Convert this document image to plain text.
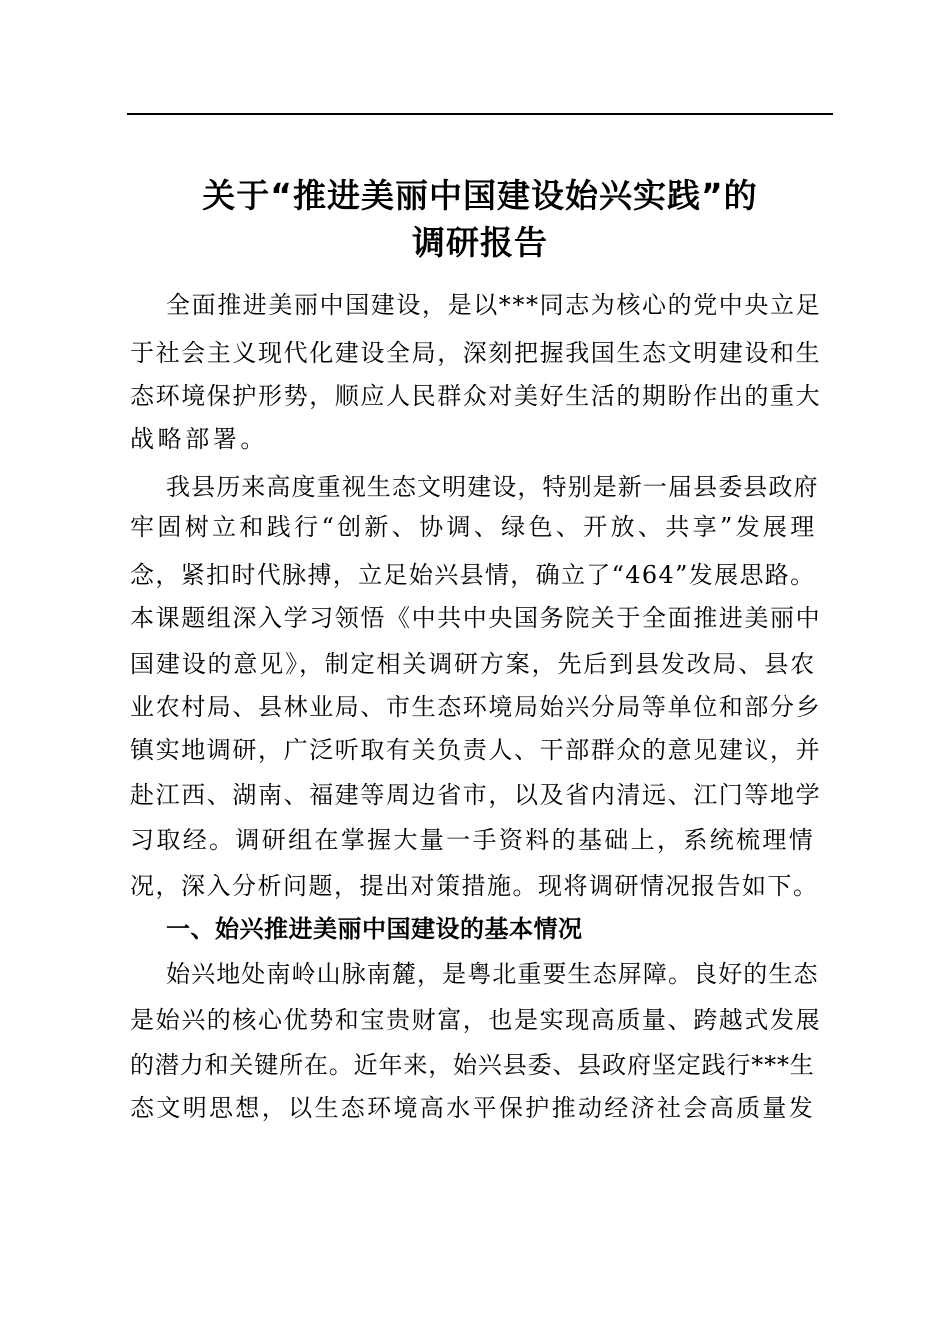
关于“推进美丽中国建设始兴实践”的
调研报告
全面推进美丽中国建设，是以***同志为核心的党中央立足
于社会主义现代化建设全局，深刻把握我国生态文明建设和生
态环境保护形势，顺应人民群众对美好生活的期盼作出的重大
战略部署。
我县历来高度重视生态文明建设，特别是新一届县委县政府
牢固树立和践行“创新、协调、绿色、开放、共享”发展理
念，紧扣时代脉搏，立足始兴县情，确立了“464”发展思路。
本课题组深入学习领悟《中共中央国务院关于全面推进美丽中
国建设的意见》，制定相关调研方案，先后到县发改局、县农
业农村局、县林业局、市生态环境局始兴分局等单位和部分乡
镇实地调研，广泛听取有关负责人、干部群众的意见建议，并
赴江西、湖南、福建等周边省市，以及省内清远、江门等地学
习取经。调研组在掌握大量一手资料的基础上，系统梳理情
况，深入分析问题，提出对策措施。现将调研情况报告如下。
一、始兴推进美丽中国建设的基本情况
始兴地处南岭山脉南麓，是粤北重要生态屏障。良好的生态
是始兴的核心优势和宝贵财富，也是实现高质量、跨越式发展
的潜力和关键所在。近年来，始兴县委、县政府坚定践行***生
态文明思想，以生态环境高水平保护推动经济社会高质量发
